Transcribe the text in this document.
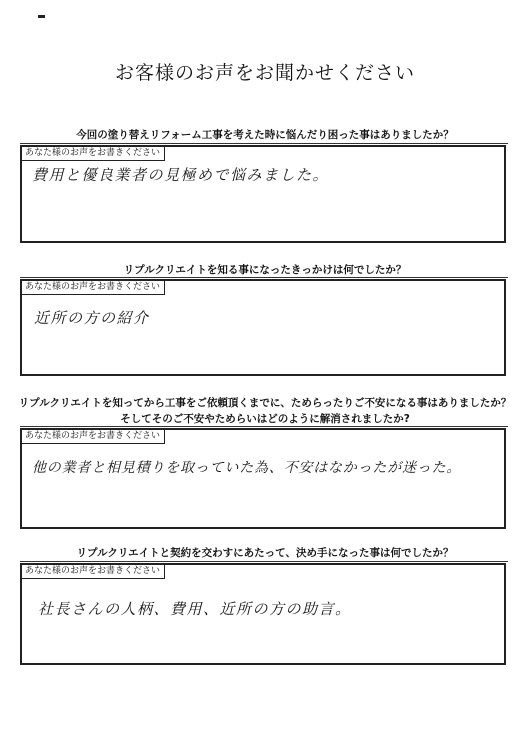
お客様のお声をお聞かせください
今回の塗り替えリフォーム工事を考えた時に悩んだり困った事はありましたか？
あなた様のお声をお書きください
費用と優良業者の見極めで悩みました。
リプルクリエイトを知る事になったきっかけは何でしたか？
あなた様のお声をお書きください
近所の方の紹介
リプルクリエイトを知ってから工事をご依頼頂くまでに、ためらったりご不安になる事はありましたか？
そしてそのご不安やためらいはどのように解消されましたか?
あなた様のお声をお書きください
他の業者と相見積りを取っていた為、不安はなかったが迷った。
リプルクリエイトと契約を交わすにあたって、決め手になった事は何でしたか？
あなた様のお声をお書きください
社長さんの人柄、費用、近所の方の助言。
